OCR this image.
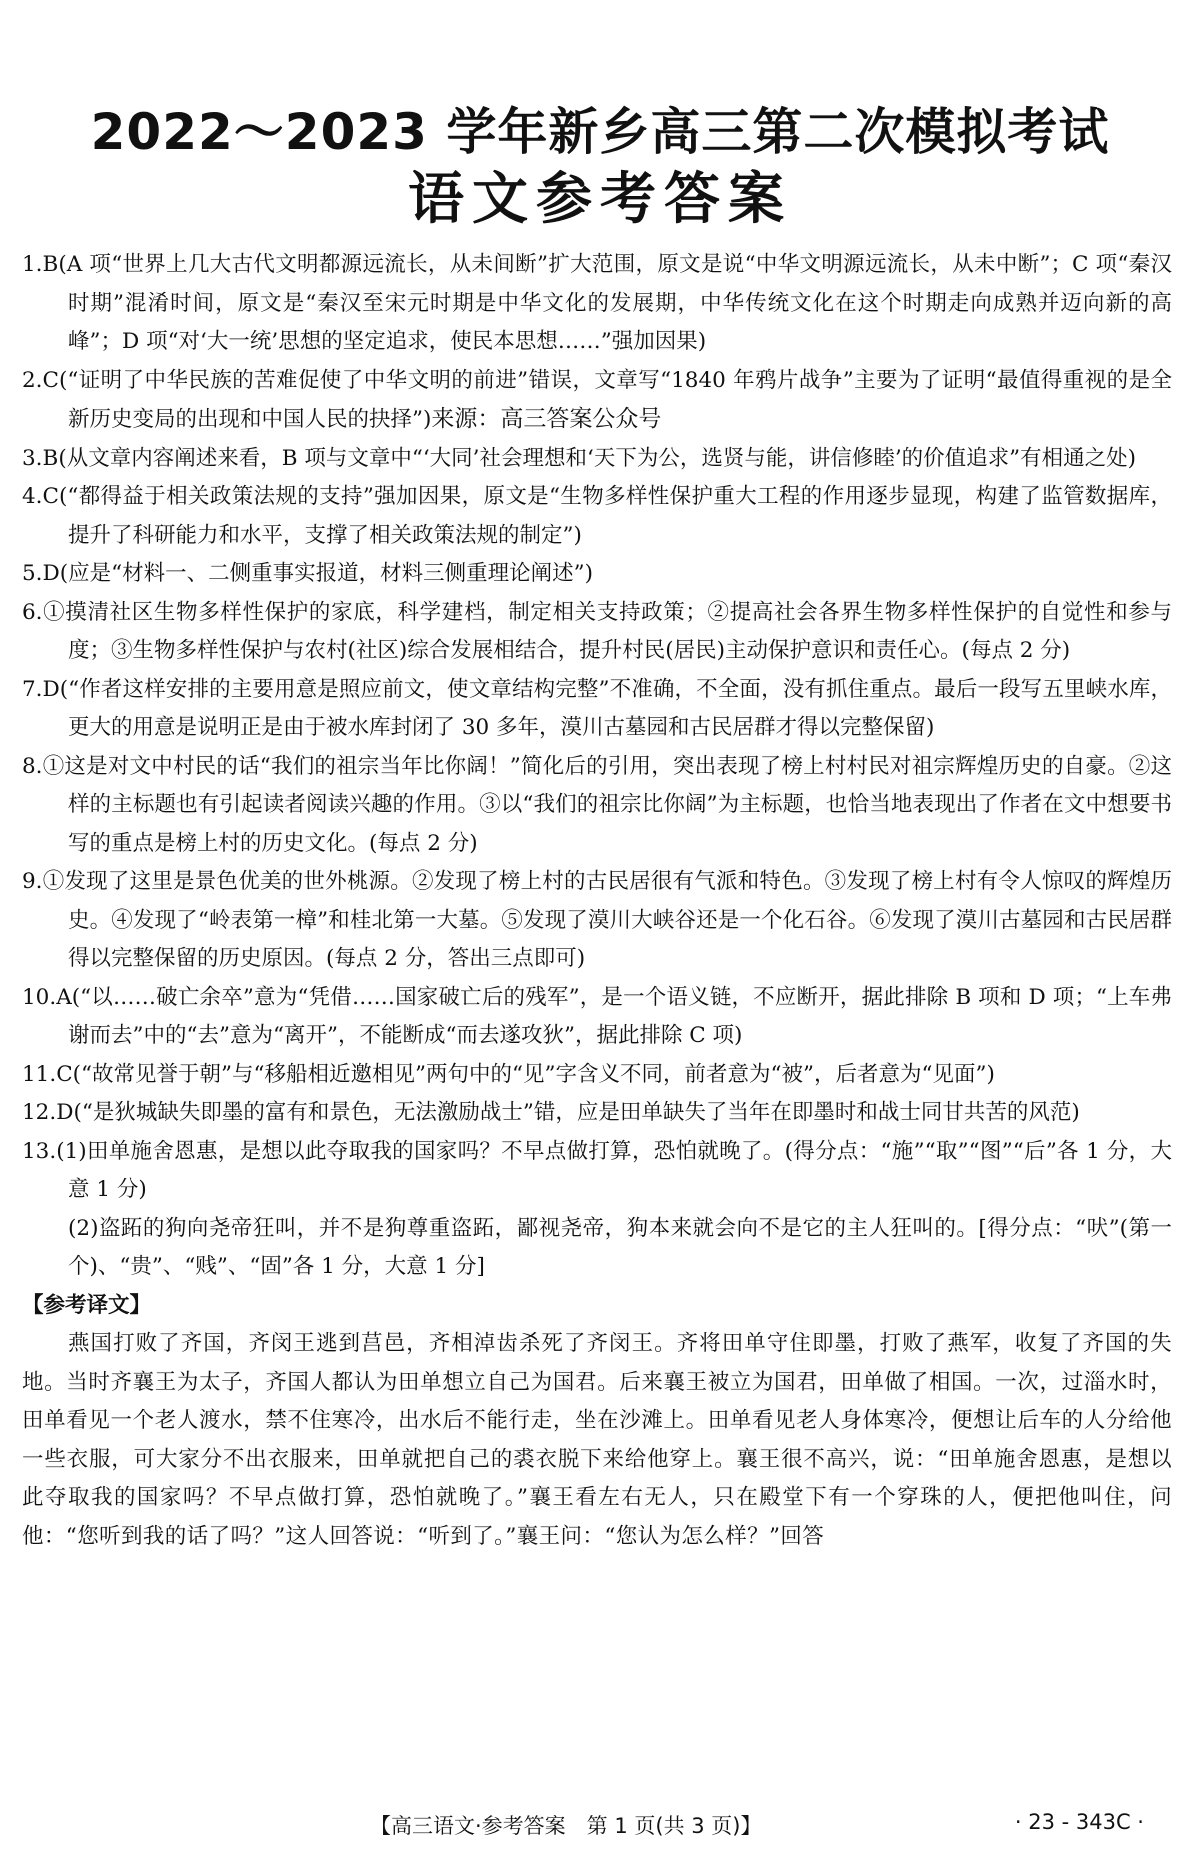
2022～2023 学年新乡高三第二次模拟考试
语文参考答案

1.B(A 项“世界上几大古代文明都源远流长，从未间断”扩大范围，原文是说“中华文明源远流长，从未中断”；C 项“秦汉时期”混淆时间，原文是“秦汉至宋元时期是中华文化的发展期，中华传统文化在这个时期走向成熟并迈向新的高峰”；D 项“对‘大一统’思想的坚定追求，使民本思想……”强加因果)

2.C(“证明了中华民族的苦难促使了中华文明的前进”错误，文章写“1840 年鸦片战争”主要为了证明“最值得重视的是全新历史变局的出现和中国人民的抉择”)来源：高三答案公众号

3.B(从文章内容阐述来看，B 项与文章中“‘大同’社会理想和‘天下为公，选贤与能，讲信修睦’的价值追求”有相通之处)

4.C(“都得益于相关政策法规的支持”强加因果，原文是“生物多样性保护重大工程的作用逐步显现，构建了监管数据库，提升了科研能力和水平，支撑了相关政策法规的制定”)

5.D(应是“材料一、二侧重事实报道，材料三侧重理论阐述”)

6.①摸清社区生物多样性保护的家底，科学建档，制定相关支持政策；②提高社会各界生物多样性保护的自觉性和参与度；③生物多样性保护与农村(社区)综合发展相结合，提升村民(居民)主动保护意识和责任心。(每点 2 分)

7.D(“作者这样安排的主要用意是照应前文，使文章结构完整”不准确，不全面，没有抓住重点。最后一段写五里峡水库，更大的用意是说明正是由于被水库封闭了 30 多年，漠川古墓园和古民居群才得以完整保留)

8.①这是对文中村民的话“我们的祖宗当年比你阔！”简化后的引用，突出表现了榜上村村民对祖宗辉煌历史的自豪。②这样的主标题也有引起读者阅读兴趣的作用。③以“我们的祖宗比你阔”为主标题，也恰当地表现出了作者在文中想要书写的重点是榜上村的历史文化。(每点 2 分)

9.①发现了这里是景色优美的世外桃源。②发现了榜上村的古民居很有气派和特色。③发现了榜上村有令人惊叹的辉煌历史。④发现了“岭表第一樟”和桂北第一大墓。⑤发现了漠川大峡谷还是一个化石谷。⑥发现了漠川古墓园和古民居群得以完整保留的历史原因。(每点 2 分，答出三点即可)

10.A(“以……破亡余卒”意为“凭借……国家破亡后的残军”，是一个语义链，不应断开，据此排除 B 项和 D 项；“上车弗谢而去”中的“去”意为“离开”，不能断成“而去遂攻狄”，据此排除 C 项)

11.C(“故常见誉于朝”与“移船相近邀相见”两句中的“见”字含义不同，前者意为“被”，后者意为“见面”)

12.D(“是狄城缺失即墨的富有和景色，无法激励战士”错，应是田单缺失了当年在即墨时和战士同甘共苦的风范)

13.(1)田单施舍恩惠，是想以此夺取我的国家吗？不早点做打算，恐怕就晚了。(得分点：“施”“取”“图”“后”各 1 分，大意 1 分)

(2)盗跖的狗向尧帝狂叫，并不是狗尊重盗跖，鄙视尧帝，狗本来就会向不是它的主人狂叫的。[得分点：“吠”(第一个)、“贵”、“贱”、“固”各 1 分，大意 1 分]

【参考译文】

燕国打败了齐国，齐闵王逃到莒邑，齐相淖齿杀死了齐闵王。齐将田单守住即墨，打败了燕军，收复了齐国的失地。当时齐襄王为太子，齐国人都认为田单想立自己为国君。后来襄王被立为国君，田单做了相国。一次，过淄水时，田单看见一个老人渡水，禁不住寒冷，出水后不能行走，坐在沙滩上。田单看见老人身体寒冷，便想让后车的人分给他一些衣服，可大家分不出衣服来，田单就把自己的裘衣脱下来给他穿上。襄王很不高兴，说：“田单施舍恩惠，是想以此夺取我的国家吗？不早点做打算，恐怕就晚了。”襄王看左右无人，只在殿堂下有一个穿珠的人，便把他叫住，问他：“您听到我的话了吗？”这人回答说：“听到了。”襄王问：“您认为怎么样？”回答

【高三语文·参考答案　第 1 页(共 3 页)】	· 23 - 343C ·
